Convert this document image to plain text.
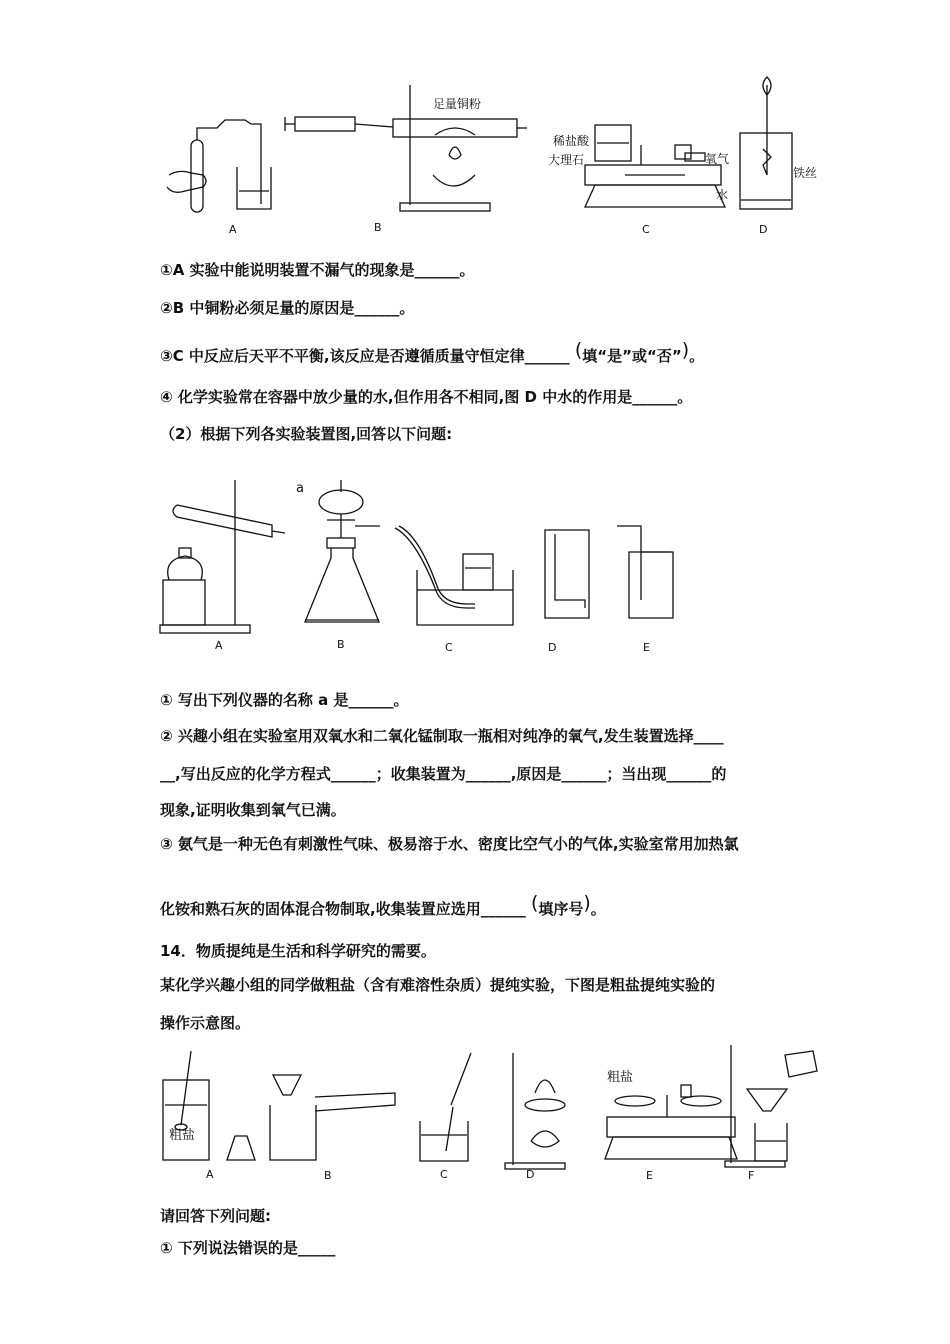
A	B	C	D
足量铜粉
稀盐酸
大理石	氧气
铁丝
水
①A 实验中能说明装置不漏气的现象是______。
②B 中铜粉必须足量的原因是______。
③C 中反应后天平不平衡,该反应是否遵循质量守恒定律______ (填“是”或“否”)。
④ 化学实验常在容器中放少量的水,但作用各不相同,图 D 中水的作用是______。
（2）根据下列各实验装置图,回答以下问题:
a
A	B	C	D	E
① 写出下列仪器的名称 a 是______。
② 兴趣小组在实验室用双氧水和二氧化锰制取一瓶相对纯净的氧气,发生装置选择____
__,写出反应的化学方程式______；收集装置为______,原因是______；当出现______的
现象,证明收集到氧气已满。
③ 氨气是一种无色有刺激性气味、极易溶于水、密度比空气小的气体,实验室常用加热氯
化铵和熟石灰的固体混合物制取,收集装置应选用______ (填序号)。
14．物质提纯是生活和科学研究的需要。
某化学兴趣小组的同学做粗盐（含有难溶性杂质）提纯实验，下图是粗盐提纯实验的
操作示意图。
粗盐
粗盐
A	B	C	D	E	F
请回答下列问题:
① 下列说法错误的是_____
